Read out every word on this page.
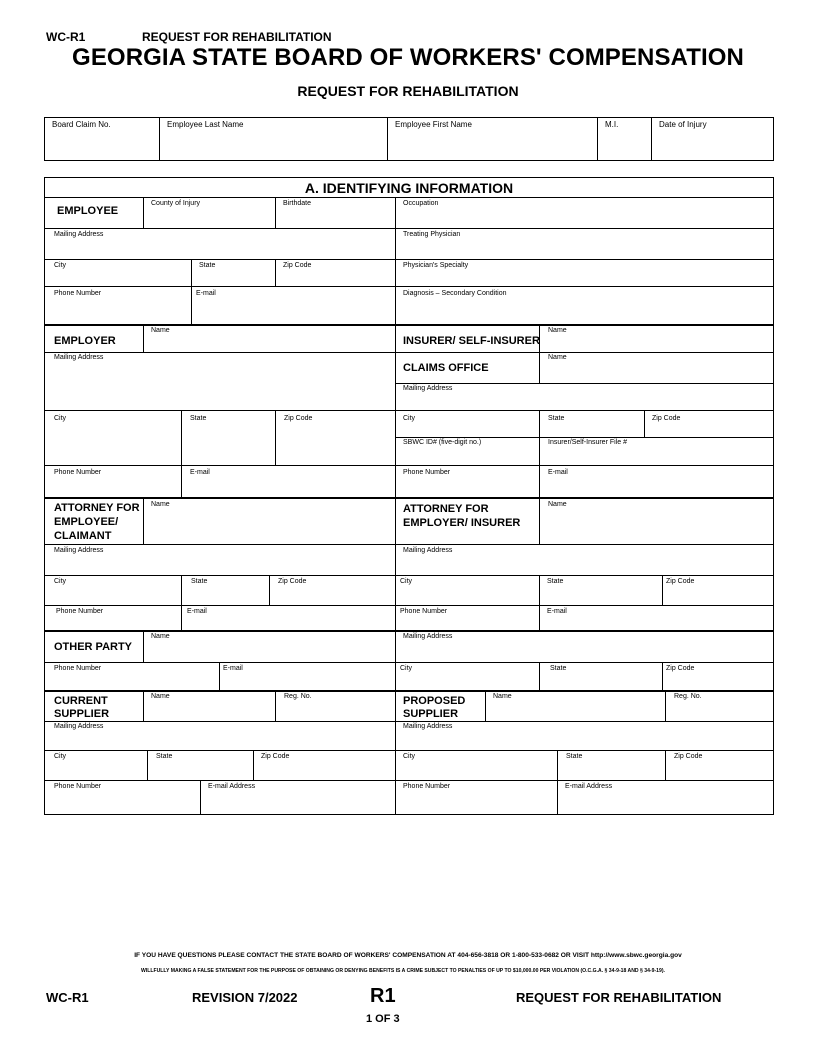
WC-R1	REQUEST FOR REHABILITATION
GEORGIA STATE BOARD OF WORKERS' COMPENSATION
REQUEST FOR REHABILITATION
Board Claim No.	Employee Last Name	Employee First Name	M.I.	Date of Injury
A. IDENTIFYING INFORMATION
EMPLOYEE
County of Injury	Birthdate	Occupation
Mailing Address	Treating Physician
City	State	Zip Code	Physician's Specialty
Phone Number	E-mail	Diagnosis – Secondary Condition
EMPLOYER
Name
Mailing Address
City	State	Zip Code
Phone Number	E-mail
INSURER/ SELF-INSURER
Name
CLAIMS OFFICE
Name
Mailing Address
City	State	Zip Code
SBWC ID# (five-digit no.)	Insurer/Self-Insurer File #
Phone Number	E-mail
ATTORNEY FOR
EMPLOYEE/
CLAIMANT
Name
Mailing Address
City	State	Zip Code
Phone Number	E-mail
ATTORNEY FOR
EMPLOYER/ INSURER
Name
Mailing Address
City	State	Zip Code
Phone Number	E-mail
OTHER PARTY
Name	Mailing Address
Phone Number	E-mail	City	State	Zip Code
CURRENT
SUPPLIER
Name	Reg. No.
Mailing Address
City	State	Zip Code
Phone Number	E-mail Address
PROPOSED
SUPPLIER
Name	Reg. No.
Mailing Address
City	State	Zip Code
Phone Number	E-mail Address
IF YOU HAVE QUESTIONS PLEASE CONTACT THE STATE BOARD OF WORKERS' COMPENSATION AT 404-656-3818 OR 1-800-533-0682 OR VISIT http://www.sbwc.georgia.gov
WILLFULLY MAKING A FALSE STATEMENT FOR THE PURPOSE OF OBTAINING OR DENYING BENEFITS IS A CRIME SUBJECT TO PENALTIES OF UP TO $10,000.00 PER VIOLATION (O.C.G.A. § 34-9-18 AND § 34-9-19).
WC-R1	REVISION 7/2022	R1
1 OF 3
REQUEST FOR REHABILITATION
